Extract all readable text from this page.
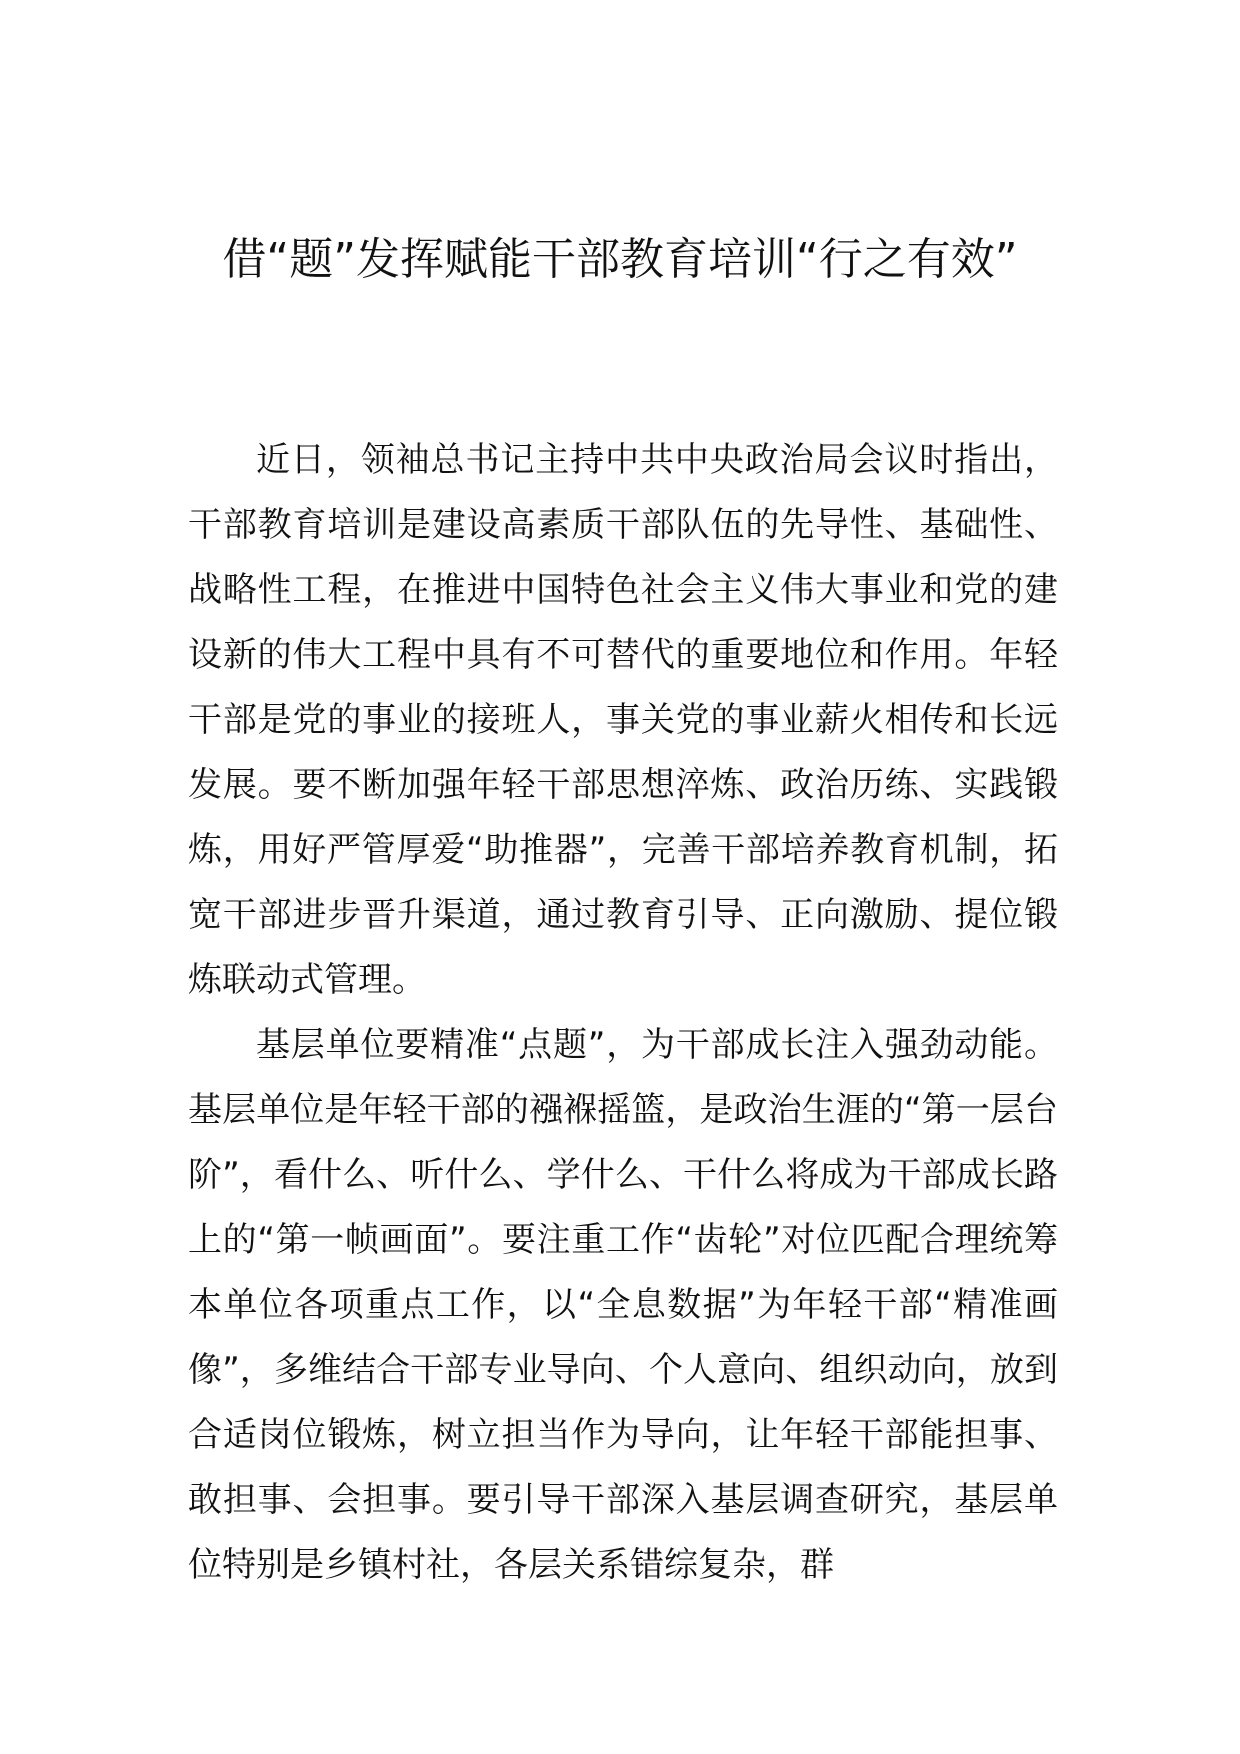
借“题”发挥赋能干部教育培训“行之有效”

近日，领袖总书记主持中共中央政治局会议时指出，干部教育培训是建设高素质干部队伍的先导性、基础性、战略性工程，在推进中国特色社会主义伟大事业和党的建设新的伟大工程中具有不可替代的重要地位和作用。年轻干部是党的事业的接班人，事关党的事业薪火相传和长远发展。要不断加强年轻干部思想淬炼、政治历练、实践锻炼，用好严管厚爱“助推器”，完善干部培养教育机制，拓宽干部进步晋升渠道，通过教育引导、正向激励、提位锻炼联动式管理。

基层单位要精准“点题”，为干部成长注入强劲动能。基层单位是年轻干部的襁褓摇篮，是政治生涯的“第一层台阶”，看什么、听什么、学什么、干什么将成为干部成长路上的“第一帧画面”。要注重工作“齿轮”对位匹配合理统筹本单位各项重点工作，以“全息数据”为年轻干部“精准画像”，多维结合干部专业导向、个人意向、组织动向，放到合适岗位锻炼，树立担当作为导向，让年轻干部能担事、敢担事、会担事。要引导干部深入基层调查研究，基层单位特别是乡镇村社，各层关系错综复杂，群
